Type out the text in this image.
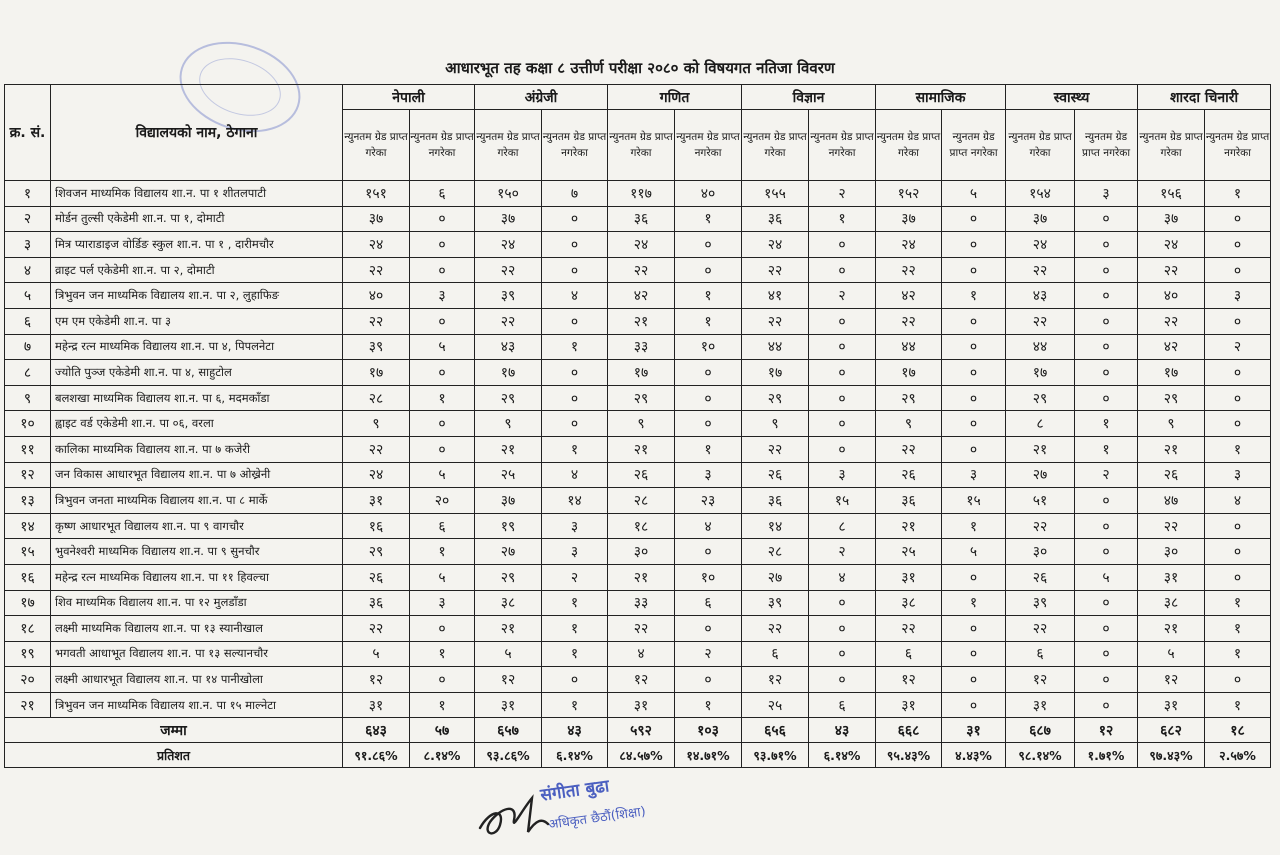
आधारभूत तह कक्षा ८ उत्तीर्ण परीक्षा २०८० को विषयगत नतिजा विवरण
क्र. सं.	विद्यालयको नाम, ठेगाना	नेपाली		अंग्रेजी		गणित		विज्ञान		सामाजिक		स्वास्थ्य		शारदा चिनारी	
		न्युनतम ग्रेड प्राप्त गरेका	न्युनतम ग्रेड प्राप्त नगरेका	न्युनतम ग्रेड प्राप्त गरेका	न्युनतम ग्रेड प्राप्त नगरेका	न्युनतम ग्रेड प्राप्त गरेका	न्युनतम ग्रेड प्राप्त नगरेका	न्युनतम ग्रेड प्राप्त गरेका	न्युनतम ग्रेड प्राप्त नगरेका	न्युनतम ग्रेड प्राप्त गरेका	न्युनतम ग्रेड प्राप्त नगरेका	न्युनतम ग्रेड प्राप्त गरेका	न्युनतम ग्रेड प्राप्त नगरेका	न्युनतम ग्रेड प्राप्त गरेका	न्युनतम ग्रेड प्राप्त नगरेका
१	शिवजन माध्यमिक विद्यालय शा.न. पा १ शीतलपाटी	१५१	६	१५०	७	११७	४०	१५५	२	१५२	५	१५४	३	१५६	१
२	मोर्डन तुल्सी एकेडेमी शा.न. पा १, दोमाटी	३७	०	३७	०	३६	१	३६	१	३७	०	३७	०	३७	०
३	मित्र प्याराडाइज वोर्डिङ स्कुल शा.न. पा १ , दारीमचौर	२४	०	२४	०	२४	०	२४	०	२४	०	२४	०	२४	०
४	व्राइट पर्ल एकेडेमी शा.न. पा २, दोमाटी	२२	०	२२	०	२२	०	२२	०	२२	०	२२	०	२२	०
५	त्रिभुवन जन माध्यमिक विद्यालय शा.न. पा २, लुहाफिङ	४०	३	३९	४	४२	१	४१	२	४२	१	४३	०	४०	३
६	एम एम एकेडेमी शा.न. पा ३	२२	०	२२	०	२१	१	२२	०	२२	०	२२	०	२२	०
७	महेन्द्र रत्न माध्यमिक विद्यालय शा.न. पा ४, पिपलनेटा	३९	५	४३	१	३३	१०	४४	०	४४	०	४४	०	४२	२
८	ज्योति पुञ्ज एकेडेमी शा.न. पा ४, साहुटोल	१७	०	१७	०	१७	०	१७	०	१७	०	१७	०	१७	०
९	बलशखा माध्यमिक विद्यालय शा.न. पा ६, मदमकाँडा	२८	१	२९	०	२९	०	२९	०	२९	०	२९	०	२९	०
१०	ह्वाइट वर्ड एकेडेमी शा.न. पा ०६, वरला	९	०	९	०	९	०	९	०	९	०	८	१	९	०
११	कालिका माध्यमिक विद्यालय शा.न. पा ७ कजेरी	२२	०	२१	१	२१	१	२२	०	२२	०	२१	१	२१	१
१२	जन विकास आधारभूत विद्यालय शा.न. पा ७ ओख्रेनी	२४	५	२५	४	२६	३	२६	३	२६	३	२७	२	२६	३
१३	त्रिभुवन जनता माध्यमिक विद्यालय शा.न. पा ८ मार्के	३१	२०	३७	१४	२८	२३	३६	१५	३६	१५	५१	०	४७	४
१४	कृष्ण आधारभूत विद्यालय शा.न. पा ९ वागचौर	१६	६	१९	३	१८	४	१४	८	२१	१	२२	०	२२	०
१५	भुवनेश्वरी माध्यमिक विद्यालय शा.न. पा ९ सुनचौर	२९	१	२७	३	३०	०	२८	२	२५	५	३०	०	३०	०
१६	महेन्द्र रत्न माध्यमिक विद्यालय शा.न. पा ११ हिवल्चा	२६	५	२९	२	२१	१०	२७	४	३१	०	२६	५	३१	०
१७	शिव माध्यमिक विद्यालय शा.न. पा १२ मुलडाँडा	३६	३	३८	१	३३	६	३९	०	३८	१	३९	०	३८	१
१८	लक्ष्मी माध्यमिक विद्यालय शा.न. पा १३ स्यानीखाल	२२	०	२१	१	२२	०	२२	०	२२	०	२२	०	२१	१
१९	भगवती आधाभूत विद्यालय शा.न. पा १३ सल्यानचौर	५	१	५	१	४	२	६	०	६	०	६	०	५	१
२०	लक्ष्मी आधारभूत विद्यालय शा.न. पा १४ पानीखोला	१२	०	१२	०	१२	०	१२	०	१२	०	१२	०	१२	०
२१	त्रिभुवन जन माध्यमिक विद्यालय शा.न. पा १५ माल्नेटा	३१	१	३१	१	३१	१	२५	६	३१	०	३१	०	३१	१
जम्मा		६४३	५७	६५७	४३	५९२	१०३	६५६	४३	६६८	३१	६८७	१२	६८२	१८
प्रतिशत		९१.८६%	८.१४%	९३.८६%	६.१४%	८४.५७%	१४.७१%	९३.७१%	६.१४%	९५.४३%	४.४३%	९८.१४%	१.७१%	९७.४३%	२.५७%
संगीता बुढा
अधिकृत छैठौं(शिक्षा)
